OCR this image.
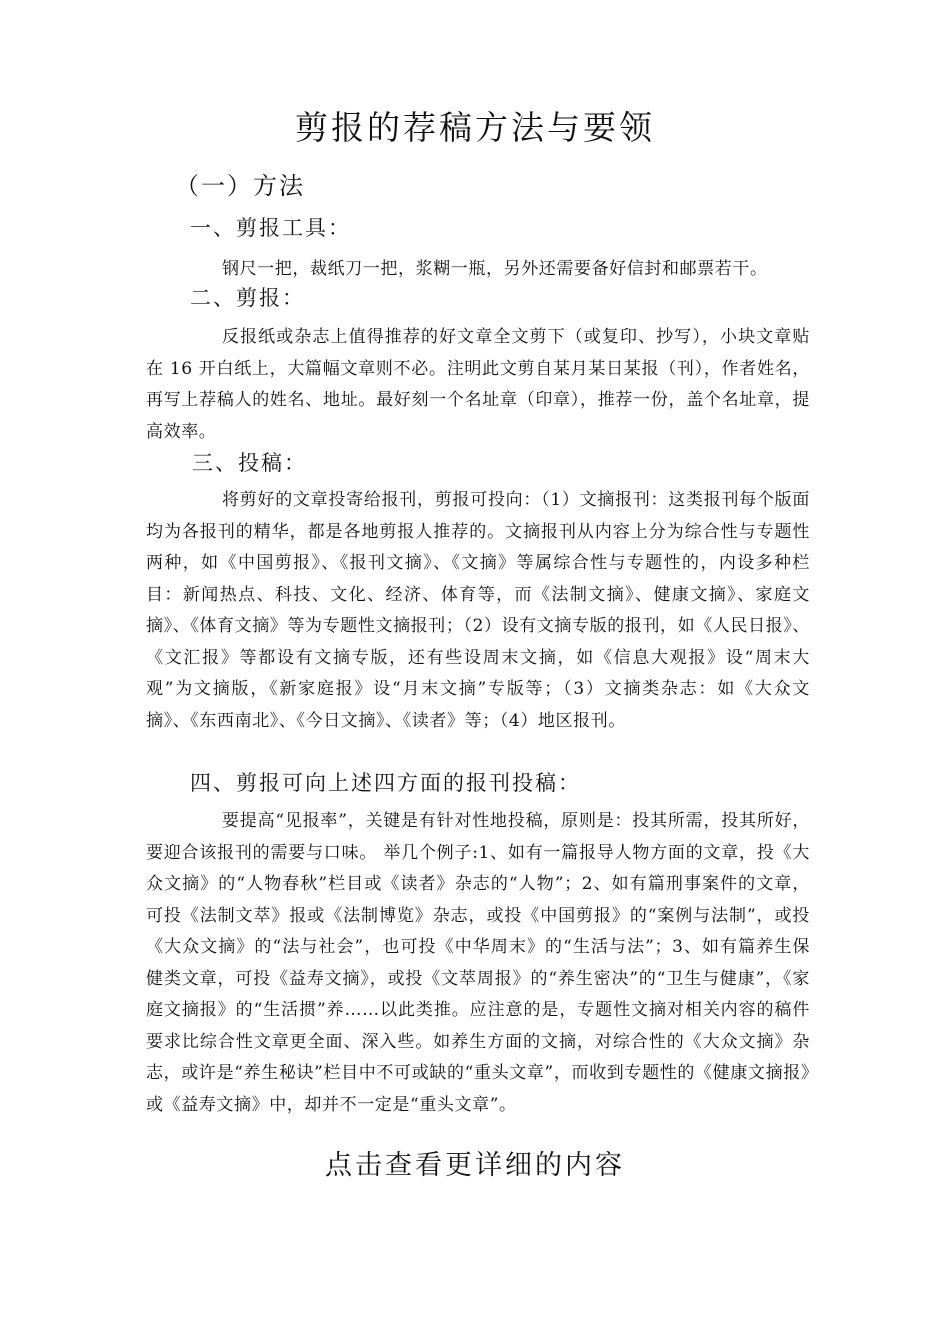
剪报的荐稿方法与要领
（一）方法
一、剪报工具：

钢尺一把，裁纸刀一把，浆糊一瓶，另外还需要备好信封和邮票若干。

二、剪报：

反报纸或杂志上值得推荐的好文章全文剪下（或复印、抄写），小块文章贴在 16 开白纸上，大篇幅文章则不必。注明此文剪自某月某日某报（刊），作者姓名，再写上荐稿人的姓名、地址。最好刻一个名址章（印章），推荐一份，盖个名址章，提高效率。

三、投稿：

将剪好的文章投寄给报刊，剪报可投向：（1）文摘报刊：这类报刊每个版面均为各报刊的精华，都是各地剪报人推荐的。文摘报刊从内容上分为综合性与专题性两种，如《中国剪报》、《报刊文摘》、《文摘》等属综合性与专题性的，内设多种栏目：新闻热点、科技、文化、经济、体育等，而《法制文摘》、健康文摘》、家庭文摘》、《体育文摘》等为专题性文摘报刊；（2）设有文摘专版的报刊，如《人民日报》、《文汇报》等都设有文摘专版，还有些设周末文摘，如《信息大观报》设“周末大观”为文摘版，《新家庭报》设“月末文摘”专版等；（3）文摘类杂志：如《大众文摘》、《东西南北》、《今日文摘》、《读者》等；（4）地区报刊。

四、剪报可向上述四方面的报刊投稿：

要提高“见报率”，关键是有针对性地投稿，原则是：投其所需，投其所好，要迎合该报刊的需要与口味。 举几个例子:1、如有一篇报导人物方面的文章，投《大众文摘》的“人物春秋”栏目或《读者》杂志的“人物”；2、如有篇刑事案件的文章，可投《法制文萃》报或《法制博览》杂志，或投《中国剪报》的“案例与法制”，或投《大众文摘》的“法与社会”，也可投《中华周末》的“生活与法”；3、如有篇养生保健类文章，可投《益寿文摘》，或投《文萃周报》的“养生密决”的“卫生与健康”，《家庭文摘报》的“生活掼”养……以此类推。应注意的是，专题性文摘对相关内容的稿件要求比综合性文章更全面、深入些。如养生方面的文摘，对综合性的《大众文摘》杂志，或许是“养生秘诀”栏目中不可或缺的“重头文章”，而收到专题性的《健康文摘报》或《益寿文摘》中，却并不一定是“重头文章”。

点击查看更详细的内容
